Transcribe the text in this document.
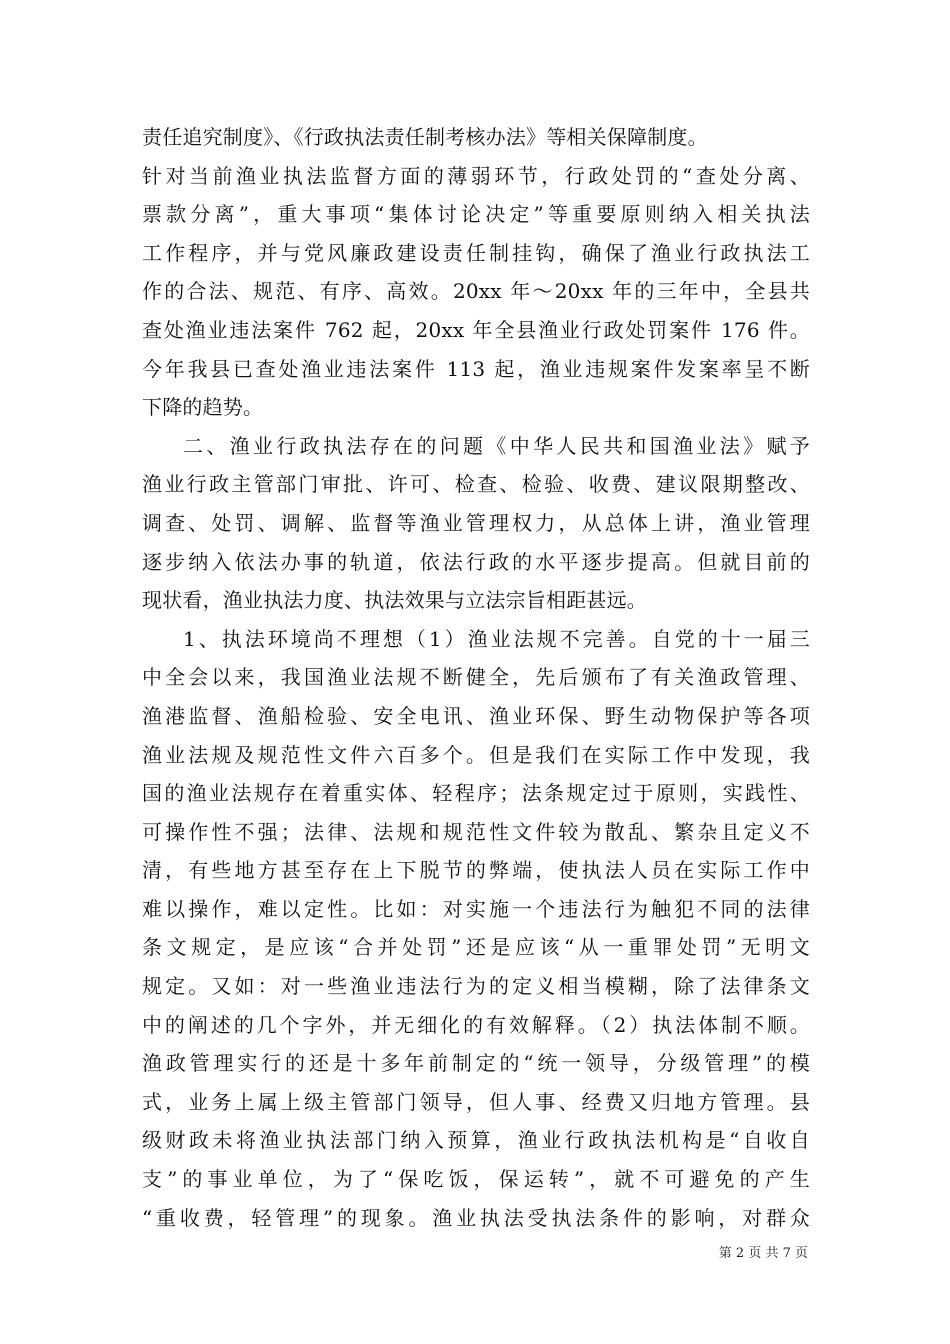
责任追究制度》、《行政执法责任制考核办法》等相关保障制度。
针对当前渔业执法监督方面的薄弱环节，行政处罚的“查处分离、
票款分离”，重大事项“集体讨论决定”等重要原则纳入相关执法
工作程序，并与党风廉政建设责任制挂钩，确保了渔业行政执法工
作的合法、规范、有序、高效。20xx 年～20xx 年的三年中，全县共
查处渔业违法案件 762 起，20xx 年全县渔业行政处罚案件 176 件。
今年我县已查处渔业违法案件 113 起，渔业违规案件发案率呈不断
下降的趋势。
二、渔业行政执法存在的问题《中华人民共和国渔业法》赋予
渔业行政主管部门审批、许可、检查、检验、收费、建议限期整改、
调查、处罚、调解、监督等渔业管理权力，从总体上讲，渔业管理
逐步纳入依法办事的轨道，依法行政的水平逐步提高。但就目前的
现状看，渔业执法力度、执法效果与立法宗旨相距甚远。
1、执法环境尚不理想（1）渔业法规不完善。自党的十一届三
中全会以来，我国渔业法规不断健全，先后颁布了有关渔政管理、
渔港监督、渔船检验、安全电讯、渔业环保、野生动物保护等各项
渔业法规及规范性文件六百多个。但是我们在实际工作中发现，我
国的渔业法规存在着重实体、轻程序；法条规定过于原则，实践性、
可操作性不强；法律、法规和规范性文件较为散乱、繁杂且定义不
清，有些地方甚至存在上下脱节的弊端，使执法人员在实际工作中
难以操作，难以定性。比如：对实施一个违法行为触犯不同的法律
条文规定，是应该“合并处罚”还是应该“从一重罪处罚”无明文
规定。又如：对一些渔业违法行为的定义相当模糊，除了法律条文
中的阐述的几个字外，并无细化的有效解释。（2）执法体制不顺。
渔政管理实行的还是十多年前制定的“统一领导，分级管理”的模
式，业务上属上级主管部门领导，但人事、经费又归地方管理。县
级财政未将渔业执法部门纳入预算，渔业行政执法机构是“自收自
支”的事业单位，为了“保吃饭，保运转”，就不可避免的产生
“重收费，轻管理”的现象。渔业执法受执法条件的影响，对群众
第 2 页 共 7 页
